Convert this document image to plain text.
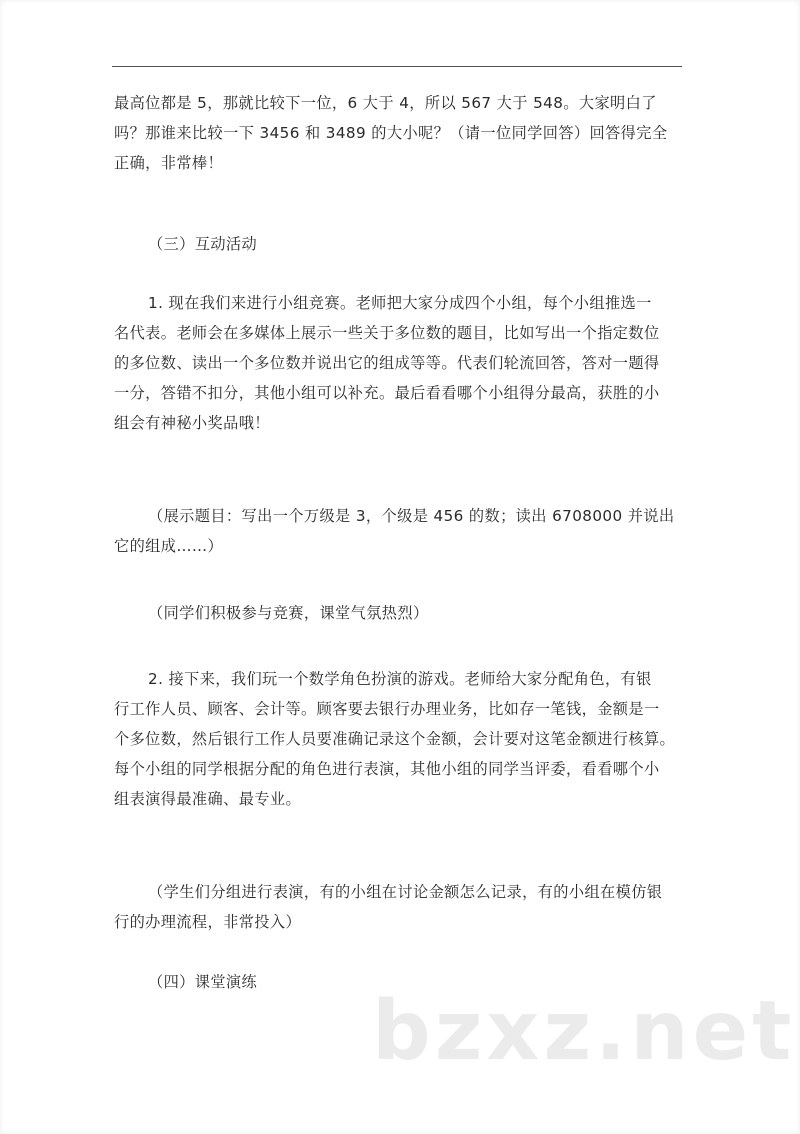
最高位都是 5，那就比较下一位，6 大于 4，所以 567 大于 548。大家明白了
吗？那谁来比较一下 3456 和 3489 的大小呢？（请一位同学回答）回答得完全
正确，非常棒！
（三）互动活动
1. 现在我们来进行小组竞赛。老师把大家分成四个小组，每个小组推选一
名代表。老师会在多媒体上展示一些关于多位数的题目，比如写出一个指定数位
的多位数、读出一个多位数并说出它的组成等等。代表们轮流回答，答对一题得
一分，答错不扣分，其他小组可以补充。最后看看哪个小组得分最高，获胜的小
组会有神秘小奖品哦！
（展示题目：写出一个万级是 3，个级是 456 的数；读出 6708000 并说出
它的组成……）
（同学们积极参与竞赛，课堂气氛热烈）
2. 接下来，我们玩一个数学角色扮演的游戏。老师给大家分配角色，有银
行工作人员、顾客、会计等。顾客要去银行办理业务，比如存一笔钱，金额是一
个多位数，然后银行工作人员要准确记录这个金额，会计要对这笔金额进行核算。
每个小组的同学根据分配的角色进行表演，其他小组的同学当评委，看看哪个小
组表演得最准确、最专业。
（学生们分组进行表演，有的小组在讨论金额怎么记录，有的小组在模仿银
行的办理流程，非常投入）
（四）课堂演练
bzxz.net
